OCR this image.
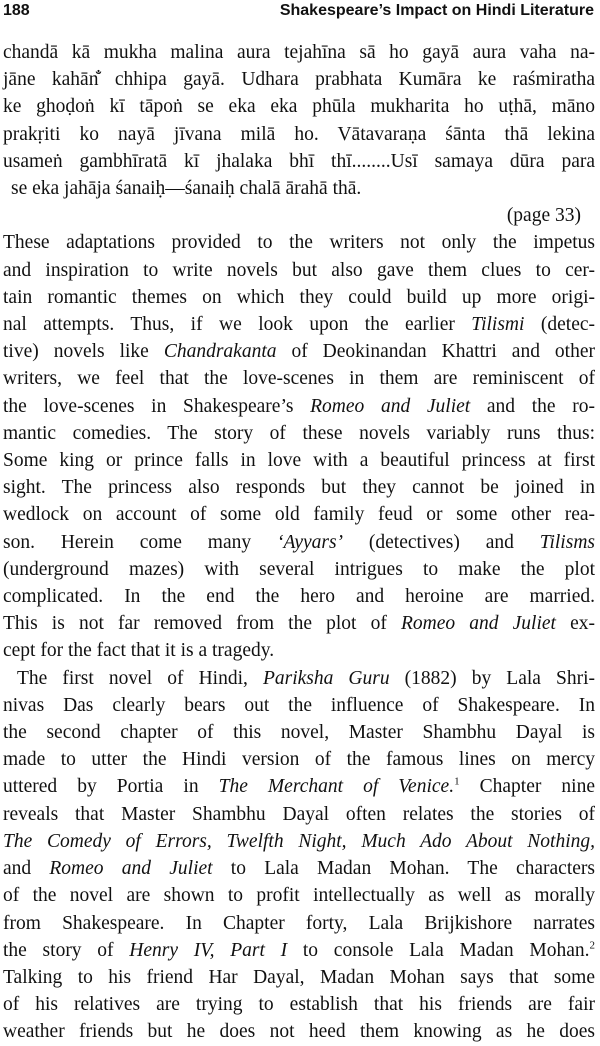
188	Shakespeare’s Impact on Hindi Literature
chandā kā mukha malina aura tejahīna sā ho gayā aura vaha na-
jāne kahān̐ chhipa gayā. Udhara prabhata Kumāra ke raśmiratha
ke ghoḍoṅ kī tāpoṅ se eka eka phūla mukharita ho uṭhā, māno
prakṛiti ko nayā jīvana milā ho. Vātavaraṇa śānta thā lekina
usameṅ gambhīratā kī jhalaka bhī thī........Usī samaya dūra para
se eka jahāja śanaiḥ—śanaiḥ chalā ārahā thā.
(page 33)
These adaptations provided to the writers not only the impetus
and inspiration to write novels but also gave them clues to cer-
tain romantic themes on which they could build up more origi-
nal attempts. Thus, if we look upon the earlier Tilismi (detec-
tive) novels like Chandrakanta of Deokinandan Khattri and other
writers, we feel that the love-scenes in them are reminiscent of
the love-scenes in Shakespeare’s Romeo and Juliet and the ro-
mantic comedies. The story of these novels variably runs thus:
Some king or prince falls in love with a beautiful princess at first
sight. The princess also responds but they cannot be joined in
wedlock on account of some old family feud or some other rea-
son. Herein come many ‘Ayyars’ (detectives) and Tilisms
(underground mazes) with several intrigues to make the plot
complicated. In the end the hero and heroine are married.
This is not far removed from the plot of Romeo and Juliet ex-
cept for the fact that it is a tragedy.
The first novel of Hindi, Pariksha Guru (1882) by Lala Shri-
nivas Das clearly bears out the influence of Shakespeare. In
the second chapter of this novel, Master Shambhu Dayal is
made to utter the Hindi version of the famous lines on mercy
uttered by Portia in The Merchant of Venice.$^1$ Chapter nine
reveals that Master Shambhu Dayal often relates the stories of
The Comedy of Errors, Twelfth Night, Much Ado About Nothing,
and Romeo and Juliet to Lala Madan Mohan. The characters
of the novel are shown to profit intellectually as well as morally
from Shakespeare. In Chapter forty, Lala Brijkishore narrates
the story of Henry IV, Part I to console Lala Madan Mohan.$^2$
Talking to his friend Har Dayal, Madan Mohan says that some
of his relatives are trying to establish that his friends are fair
weather friends but he does not heed them knowing as he does
